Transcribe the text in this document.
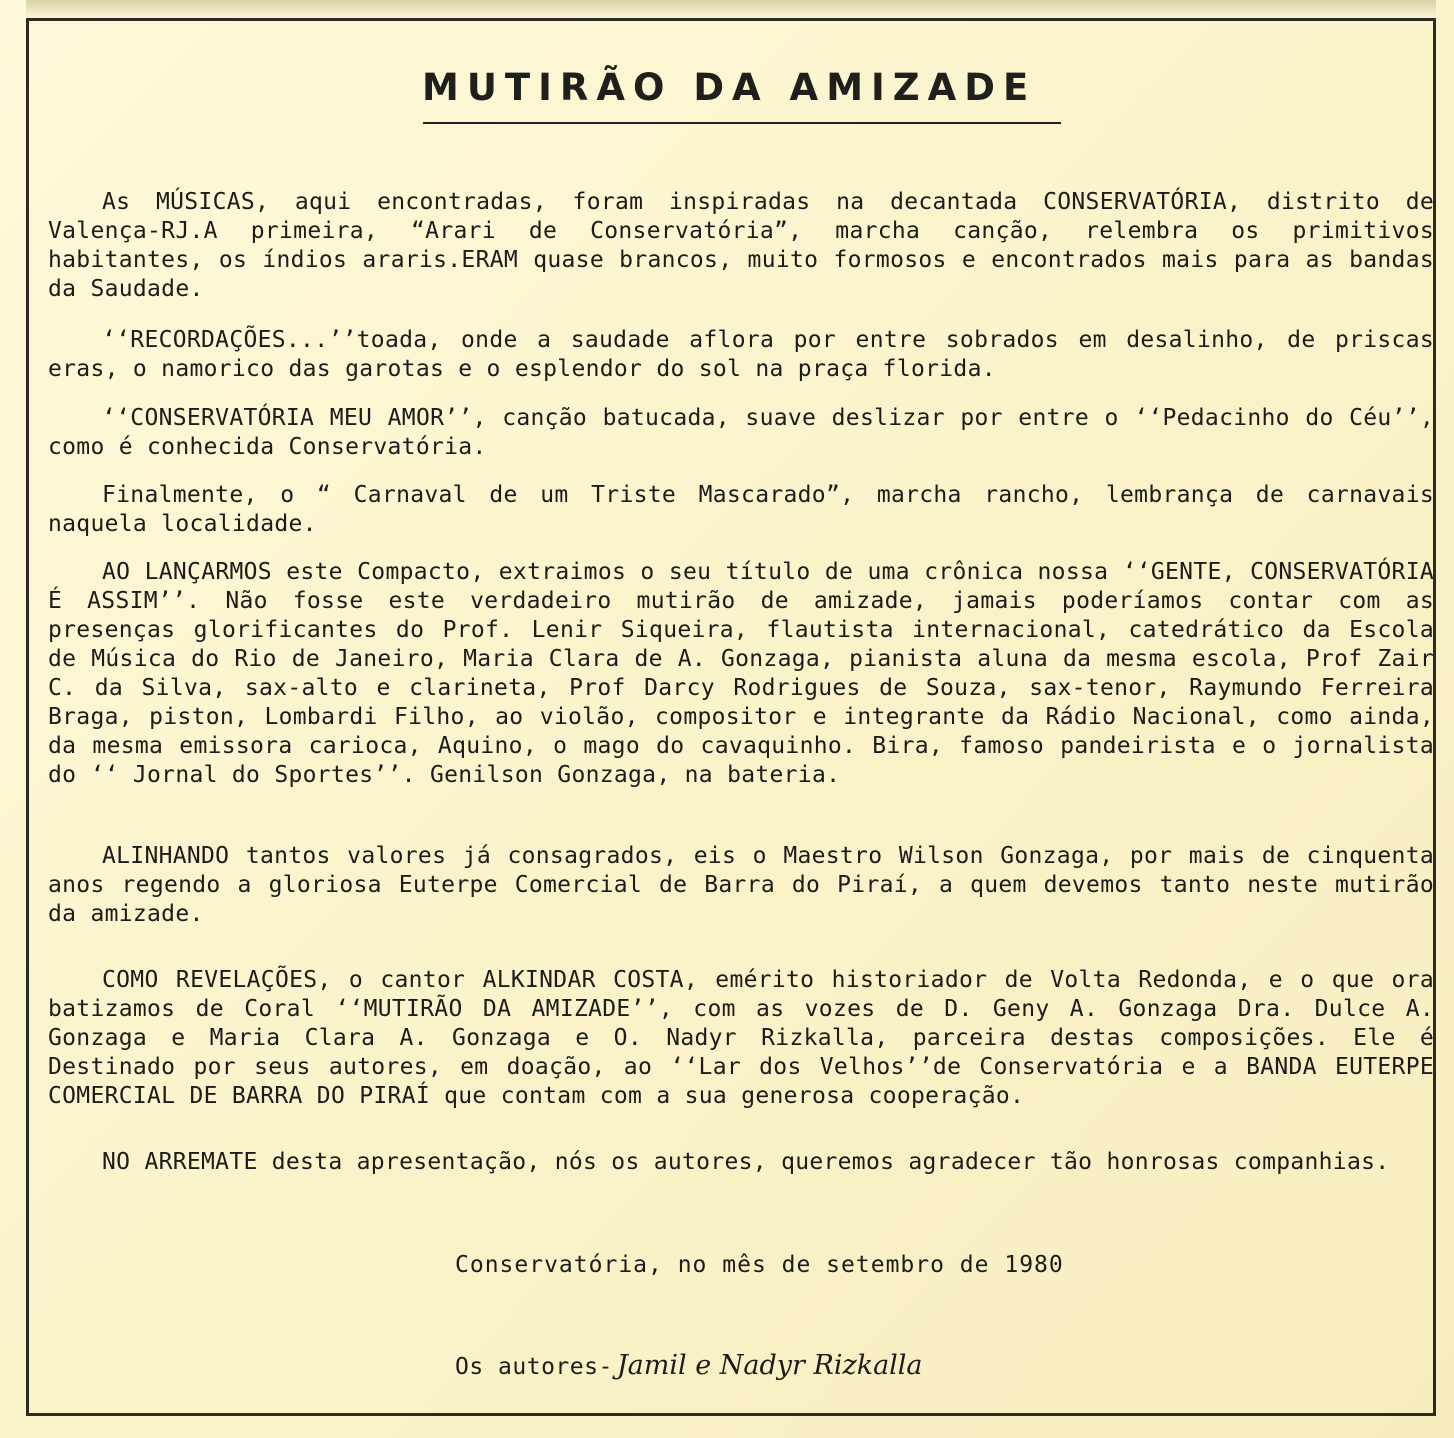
MUTIRÃO DA AMIZADE
As MÚSICAS, aqui encontradas, foram inspiradas na decantada CONSERVATÓRIA, distrito de Valença-RJ.A primeira, “Arari de Conservatória”, marcha canção, relembra os primitivos habitantes, os índios araris.ERAM quase brancos, muito formosos e encontrados mais para as bandas da Saudade.
‘‘RECORDAÇÕES...’’toada, onde a saudade aflora por entre sobrados em desalinho, de priscas eras, o namorico das garotas e o esplendor do sol na praça florida.
‘‘CONSERVATÓRIA MEU AMOR’’, canção batucada, suave deslizar por entre o ‘‘Pedacinho do Céu’’, como é conhecida Conservatória.
Finalmente, o “ Carnaval de um Triste Mascarado”, marcha rancho, lembrança de carnavais naquela localidade.
AO LANÇARMOS este Compacto, extraimos o seu título de uma crônica nossa ‘‘GENTE, CONSERVATÓRIA É ASSIM’’. Não fosse este verdadeiro mutirão de amizade, jamais poderíamos contar com as presenças glorificantes do Prof. Lenir Siqueira, flautista internacional, catedrático da Escola de Música do Rio de Janeiro, Maria Clara de A. Gonzaga, pianista aluna da mesma escola, Prof Zair C. da Silva, sax-alto e clarineta, Prof Darcy Rodrigues de Souza, sax-tenor, Raymundo Ferreira Braga, piston, Lombardi Filho, ao violão, compositor e integrante da Rádio Nacional, como ainda, da mesma emissora carioca, Aquino, o mago do cavaquinho. Bira, famoso pandeirista e o jornalista do ‘‘ Jornal do Sportes’’. Genilson Gonzaga, na bateria.
ALINHANDO tantos valores já consagrados, eis o Maestro Wilson Gonzaga, por mais de cinquenta anos regendo a gloriosa Euterpe Comercial de Barra do Piraí, a quem devemos tanto neste mutirão da amizade.
COMO REVELAÇÕES, o cantor ALKINDAR COSTA, emérito historiador de Volta Redonda, e o que ora batizamos de Coral ‘‘MUTIRÃO DA AMIZADE’’, com as vozes de D. Geny A. Gonzaga Dra. Dulce A. Gonzaga e Maria Clara A. Gonzaga e O. Nadyr Rizkalla, parceira destas composições. Ele é Destinado por seus autores, em doação, ao ‘‘Lar dos Velhos’’de Conservatória e a BANDA EUTERPE COMERCIAL DE BARRA DO PIRAÍ que contam com a sua generosa cooperação.
NO ARREMATE desta apresentação, nós os autores, queremos agradecer tão honrosas companhias.
Conservatória, no mês de setembro de 1980
Os autores- Jamil e Nadyr Rizkalla
